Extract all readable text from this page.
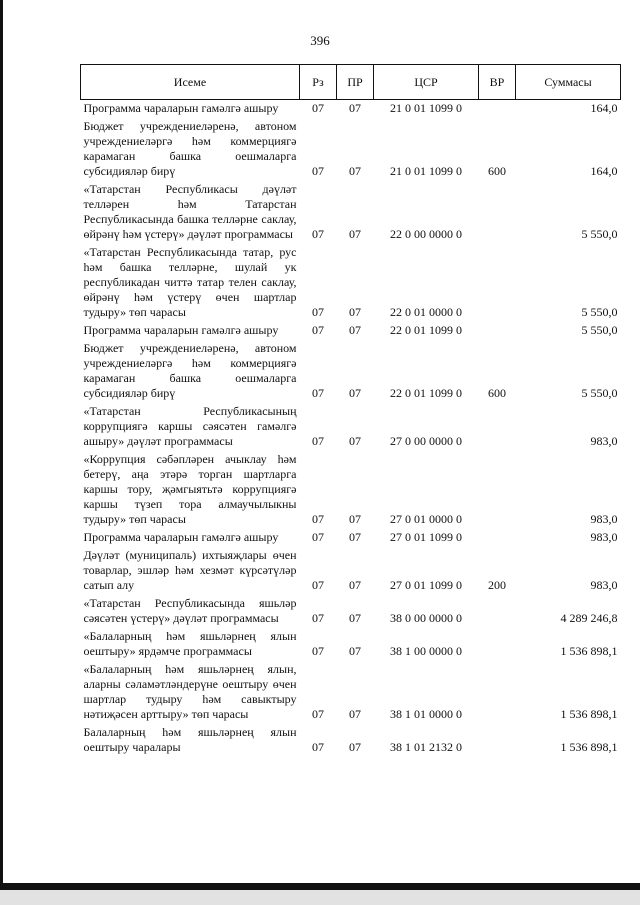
396
Исеме	Рз	ПР	ЦСР	ВР	Суммасы
Программа чараларын гамәлгә ашыру	07	07	21 0 01 1099 0		164,0
Бюджет учреждениеләренә, автоном учреждениеләргә һәм коммерциягә карамаган башка оешмаларга субсидияләр бирү	07	07	21 0 01 1099 0	600	164,0
«Татарстан Республикасы дәүләт телләрен һәм Татарстан Республикасында башка телләрне саклау, өйрәнү һәм үстерү» дәүләт программасы	07	07	22 0 00 0000 0		5 550,0
«Татарстан Республикасында татар, рус һәм башка телләрне, шулай ук республикадан читтә татар телен саклау, өйрәнү һәм үстерү өчен шартлар тудыру» төп чарасы	07	07	22 0 01 0000 0		5 550,0
Программа чараларын гамәлгә ашыру	07	07	22 0 01 1099 0		5 550,0
Бюджет учреждениеләренә, автоном учреждениеләргә һәм коммерциягә карамаган башка оешмаларга субсидияләр бирү	07	07	22 0 01 1099 0	600	5 550,0
«Татарстан Республикасының коррупциягә каршы сәясәтен гамәлгә ашыру» дәүләт программасы	07	07	27 0 00 0000 0		983,0
«Коррупция сәбәпләрен ачыклау һәм бетерү, аңа этәрә торган шартларга каршы тору, җәмгыятьтә коррупциягә каршы түзеп тора алмаучылыкны тудыру» төп чарасы	07	07	27 0 01 0000 0		983,0
Программа чараларын гамәлгә ашыру	07	07	27 0 01 1099 0		983,0
Дәүләт (муниципаль) ихтыяҗлары өчен товарлар, эшләр һәм хезмәт күрсәтүләр сатып алу	07	07	27 0 01 1099 0	200	983,0
«Татарстан Республикасында яшьләр сәясәтен үстерү» дәүләт программасы	07	07	38 0 00 0000 0		4 289 246,8
«Балаларның һәм яшьләрнең ялын оештыру» ярдәмче программасы	07	07	38 1 00 0000 0		1 536 898,1
«Балаларның һәм яшьләрнең ялын, аларны сәламәтләндерүне оештыру өчен шартлар тудыру һәм савыктыру нәтиҗәсен арттыру» төп чарасы	07	07	38 1 01 0000 0		1 536 898,1
Балаларның һәм яшьләрнең ялын оештыру чаралары	07	07	38 1 01 2132 0		1 536 898,1
